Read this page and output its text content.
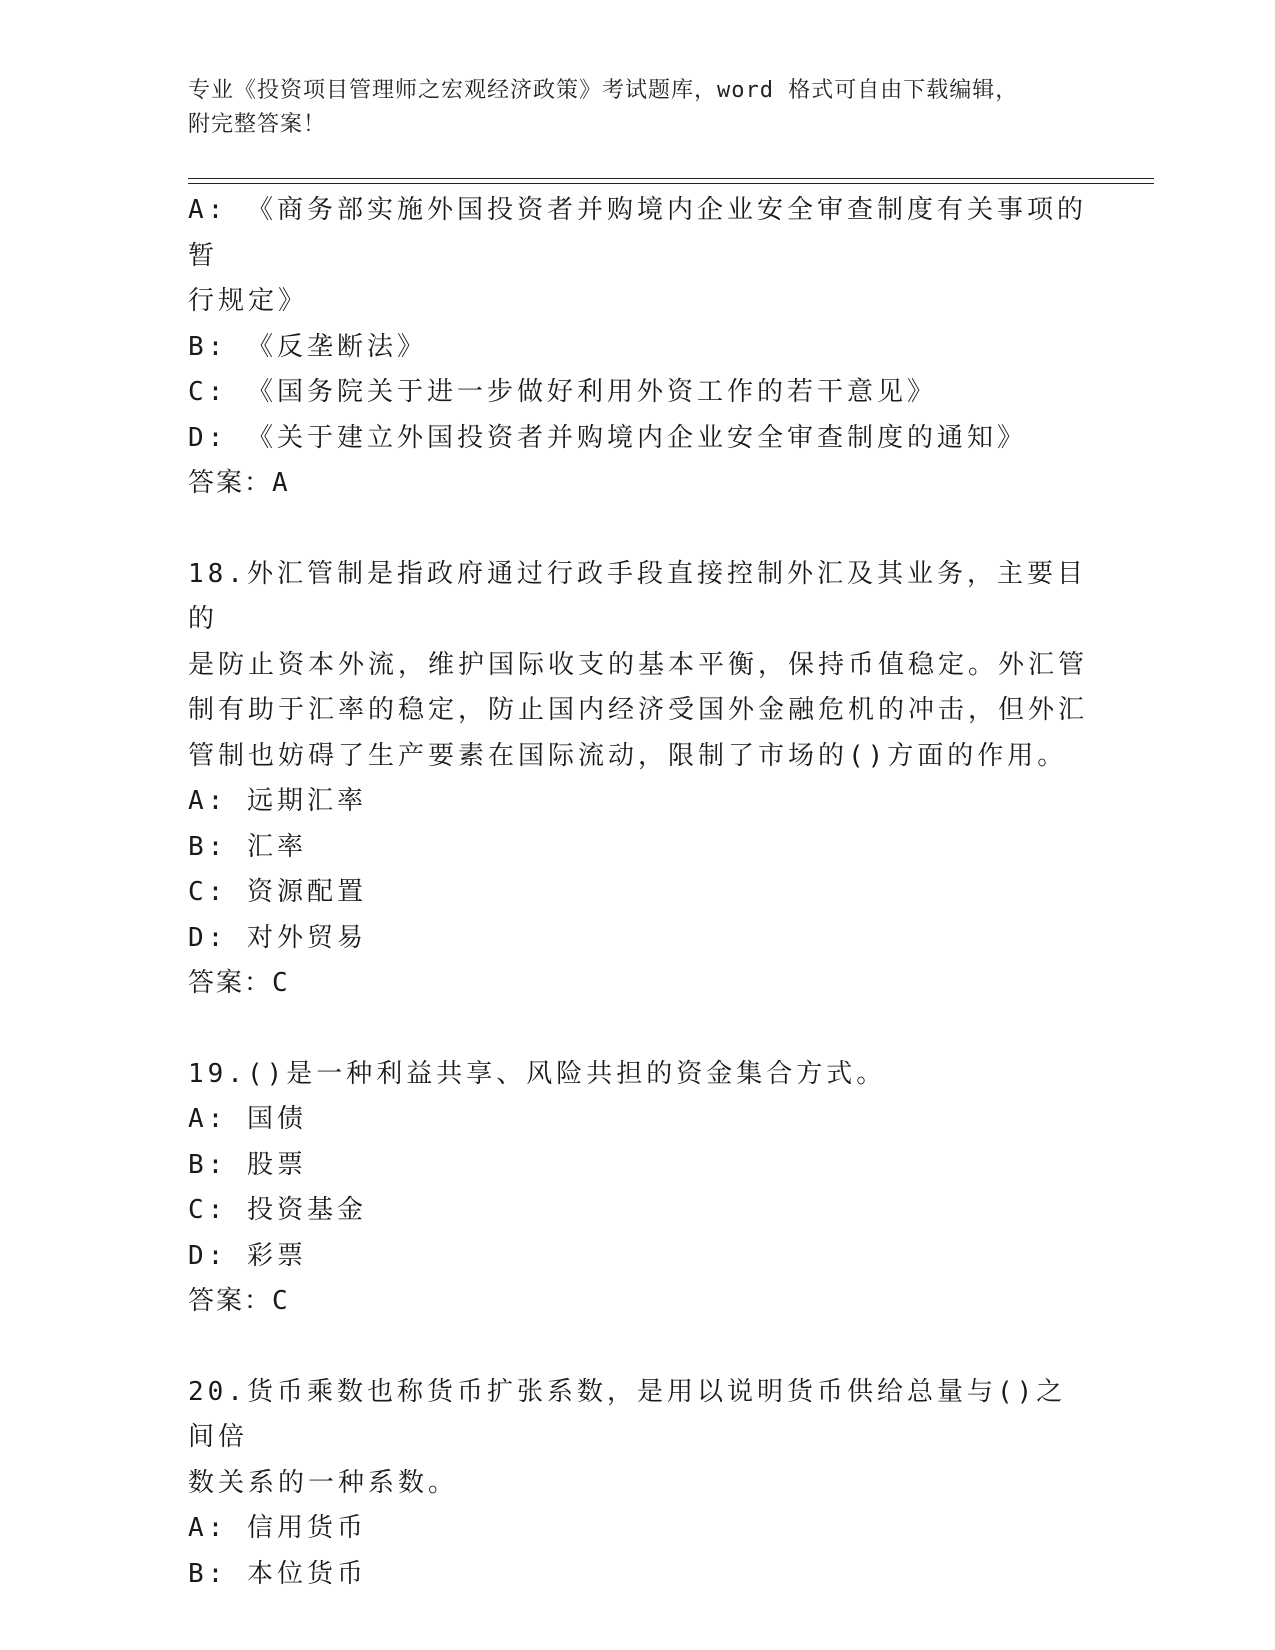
专业《投资项目管理师之宏观经济政策》考试题库，word 格式可自由下载编辑，
附完整答案！
A: 《商务部实施外国投资者并购境内企业安全审查制度有关事项的暂
行规定》
B: 《反垄断法》
C: 《国务院关于进一步做好利用外资工作的若干意见》
D: 《关于建立外国投资者并购境内企业安全审查制度的通知》
答案：A
18.外汇管制是指政府通过行政手段直接控制外汇及其业务，主要目的
是防止资本外流，维护国际收支的基本平衡，保持币值稳定。外汇管
制有助于汇率的稳定，防止国内经济受国外金融危机的冲击，但外汇
管制也妨碍了生产要素在国际流动，限制了市场的()方面的作用。
A: 远期汇率
B: 汇率
C: 资源配置
D: 对外贸易
答案：C
19.()是一种利益共享、风险共担的资金集合方式。
A: 国债
B: 股票
C: 投资基金
D: 彩票
答案：C
20.货币乘数也称货币扩张系数，是用以说明货币供给总量与()之间倍
数关系的一种系数。
A: 信用货币
B: 本位货币
